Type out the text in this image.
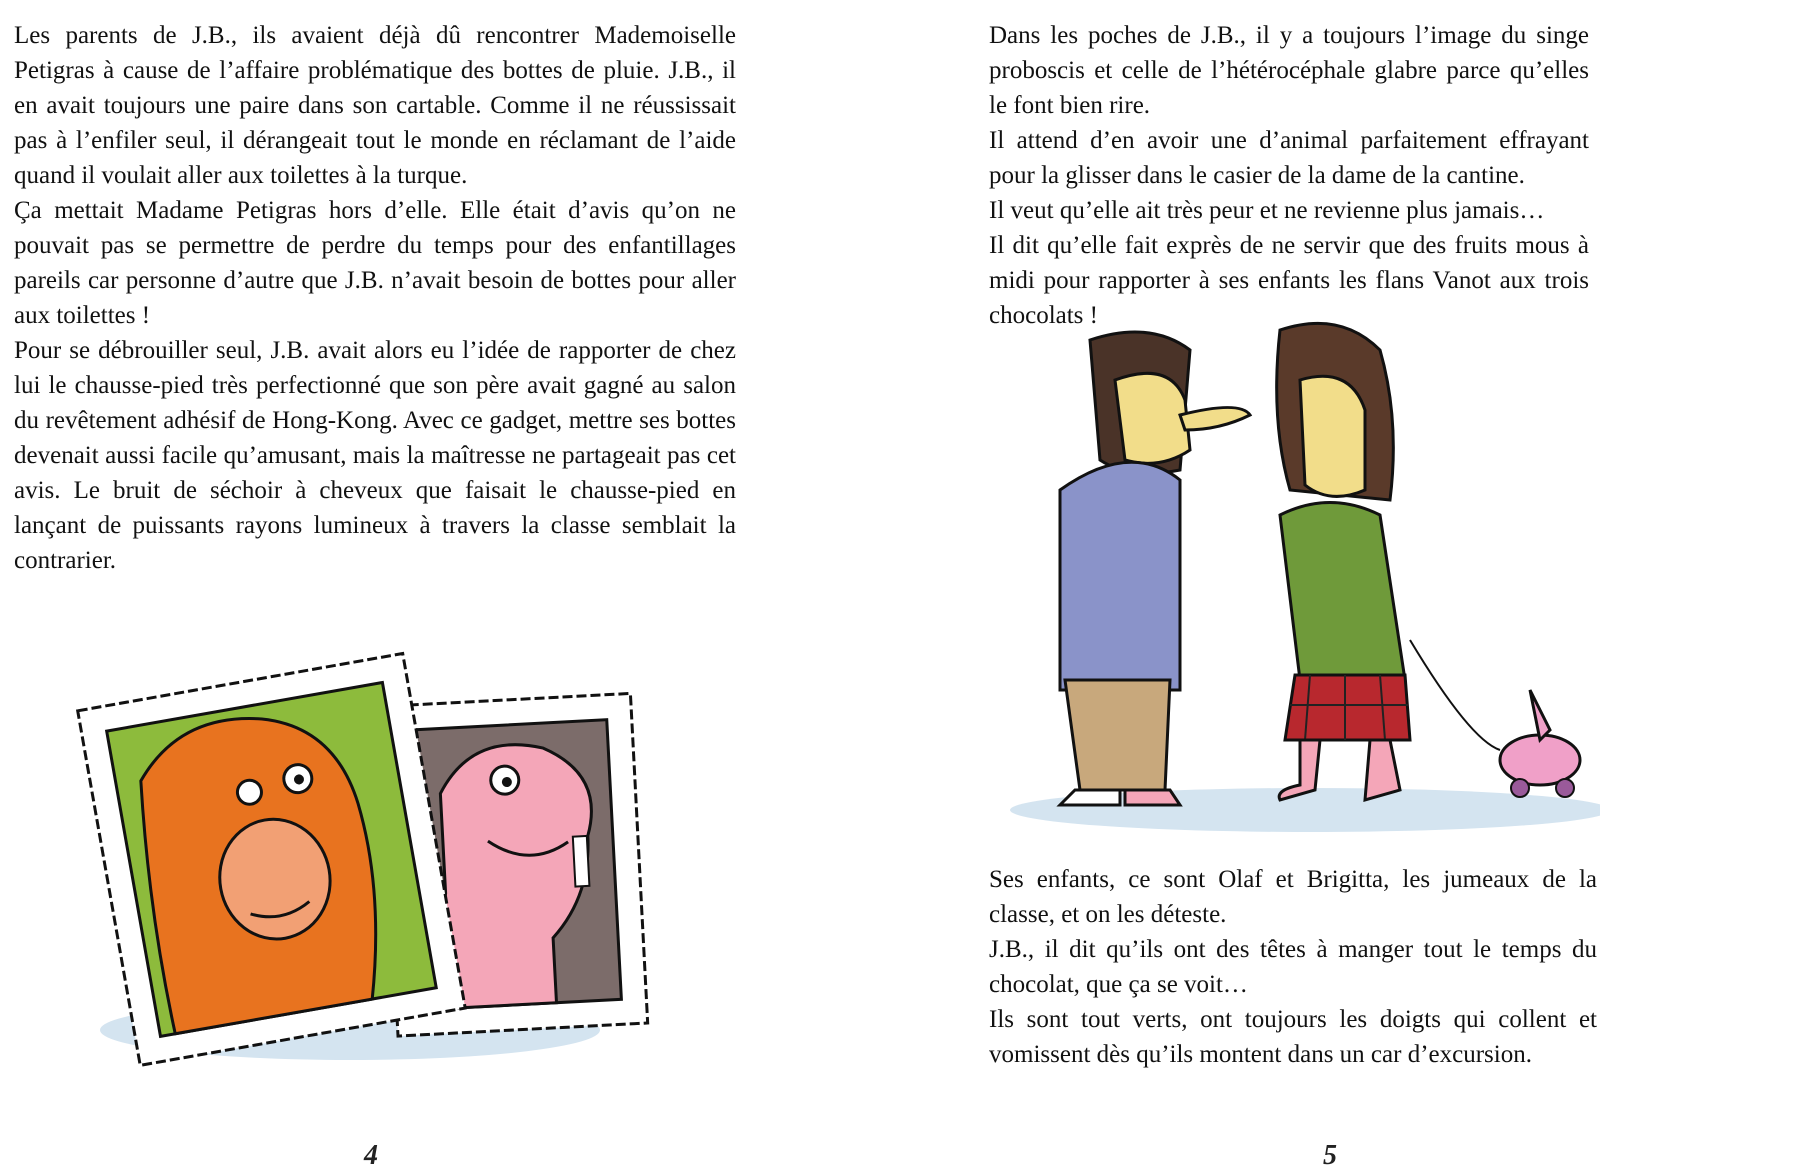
Les parents de J.B., ils avaient déjà dû rencontrer Mademoiselle Petigras à cause de l’affaire problématique des bottes de pluie. J.B., il en avait toujours une paire dans son cartable. Comme il ne réussissait pas à l’enfiler seul, il dérangeait tout le monde en réclamant de l’aide quand il voulait aller aux toilettes à la turque.

Ça mettait Madame Petigras hors d’elle. Elle était d’avis qu’on ne pouvait pas se permettre de perdre du temps pour des enfantillages pareils car personne d’autre que J.B. n’avait besoin de bottes pour aller aux toilettes !

Pour se débrouiller seul, J.B. avait alors eu l’idée de rapporter de chez lui le chausse-pied très perfectionné que son père avait gagné au salon du revêtement adhésif de Hong-Kong. Avec ce gadget, mettre ses bottes devenait aussi facile qu’amusant, mais la maîtresse ne partageait pas cet avis. Le bruit de séchoir à cheveux que faisait le chausse-pied en lançant de puissants rayons lumineux à travers la classe semblait la contrarier.

4

Dans les poches de J.B., il y a toujours l’image du singe proboscis et celle de l’hétérocéphale glabre parce qu’elles le font bien rire.

Il attend d’en avoir une d’animal parfaitement effrayant pour la glisser dans le casier de la dame de la cantine.

Il veut qu’elle ait très peur et ne revienne plus jamais…

Il dit qu’elle fait exprès de ne servir que des fruits mous à midi pour rapporter à ses enfants les flans Vanot aux trois chocolats !

Ses enfants, ce sont Olaf et Brigitta, les jumeaux de la classe, et on les déteste.

J.B., il dit qu’ils ont des têtes à manger tout le temps du chocolat, que ça se voit…

Ils sont tout verts, ont toujours les doigts qui collent et vomissent dès qu’ils montent dans un car d’excursion.

5
